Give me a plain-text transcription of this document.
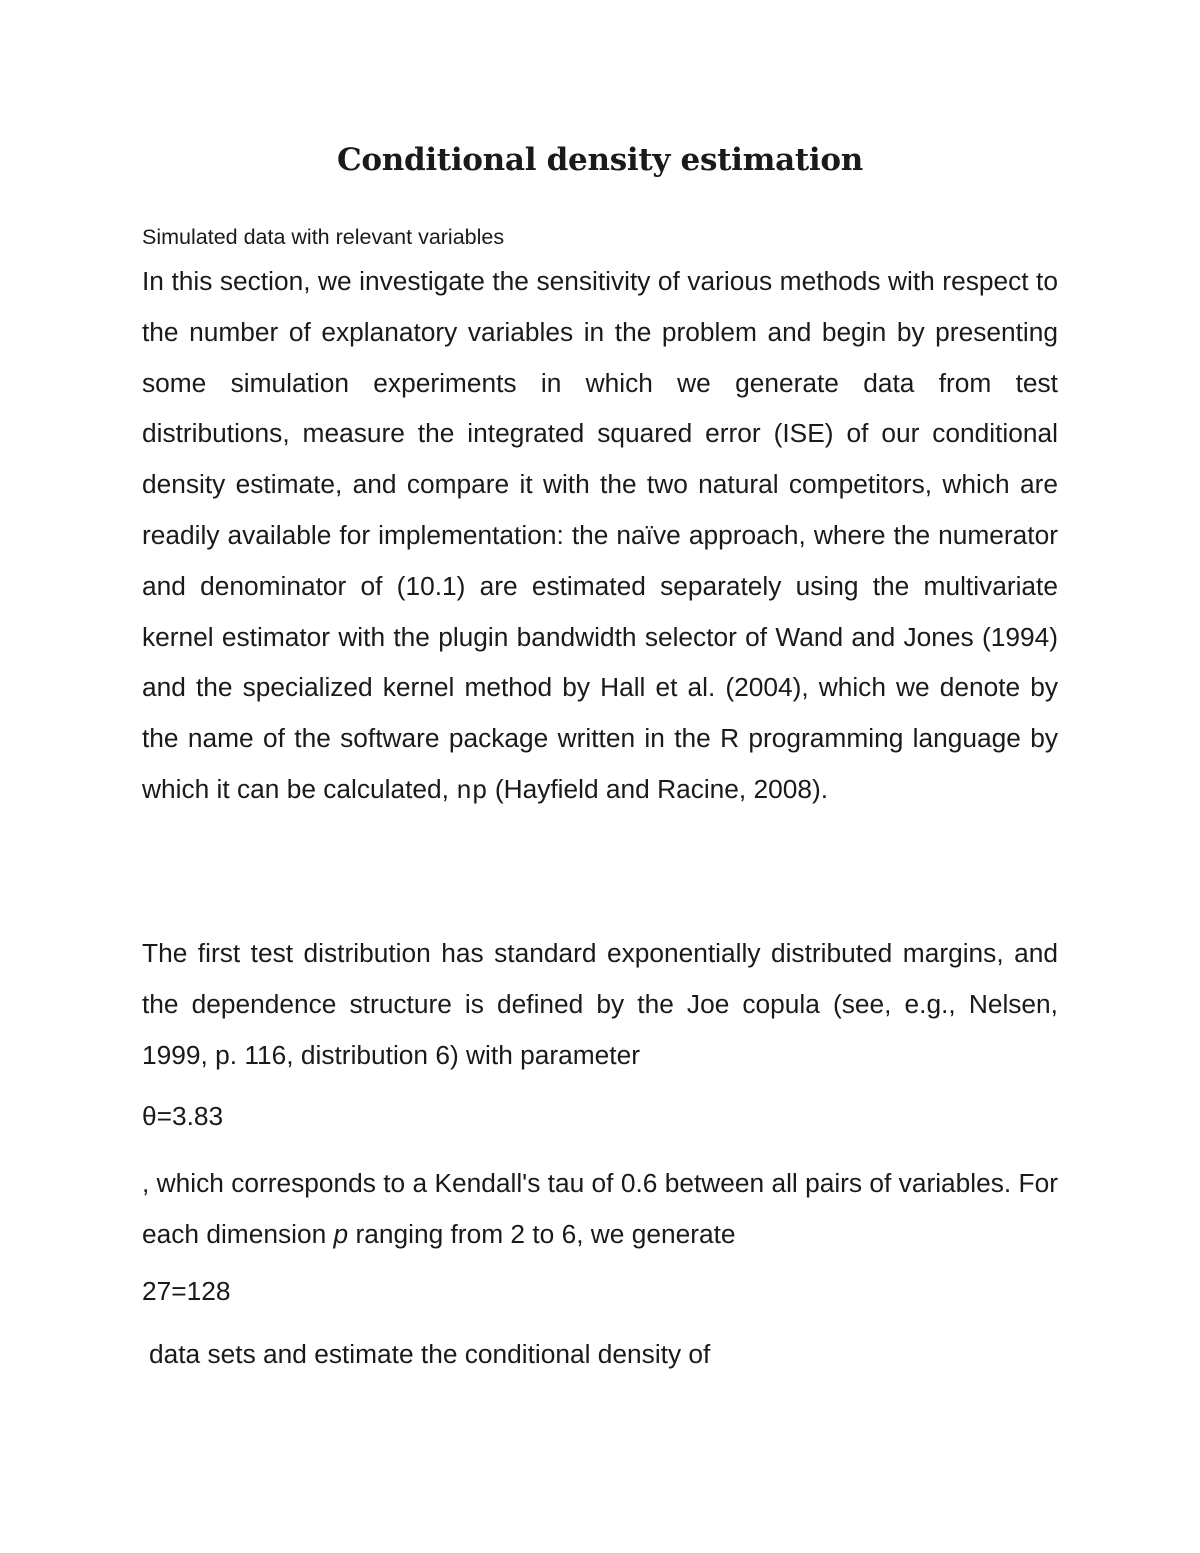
Conditional density estimation

Simulated data with relevant variables

In this section, we investigate the sensitivity of various methods with respect to the number of explanatory variables in the problem and begin by presenting some simulation experiments in which we generate data from test distributions, measure the integrated squared error (ISE) of our conditional density estimate, and compare it with the two natural competitors, which are readily available for implementation: the naïve approach, where the numerator and denominator of (10.1) are estimated separately using the multivariate kernel estimator with the plugin bandwidth selector of Wand and Jones (1994) and the specialized kernel method by Hall et al. (2004), which we denote by the name of the software package written in the R programming language by which it can be calculated, np (Hayfield and Racine, 2008).

The first test distribution has standard exponentially distributed margins, and the dependence structure is defined by the Joe copula (see, e.g., Nelsen, 1999, p. 116, distribution 6) with parameter

θ=3.83

, which corresponds to a Kendall's tau of 0.6 between all pairs of variables. For each dimension p ranging from 2 to 6, we generate

27=128

data sets and estimate the conditional density of
